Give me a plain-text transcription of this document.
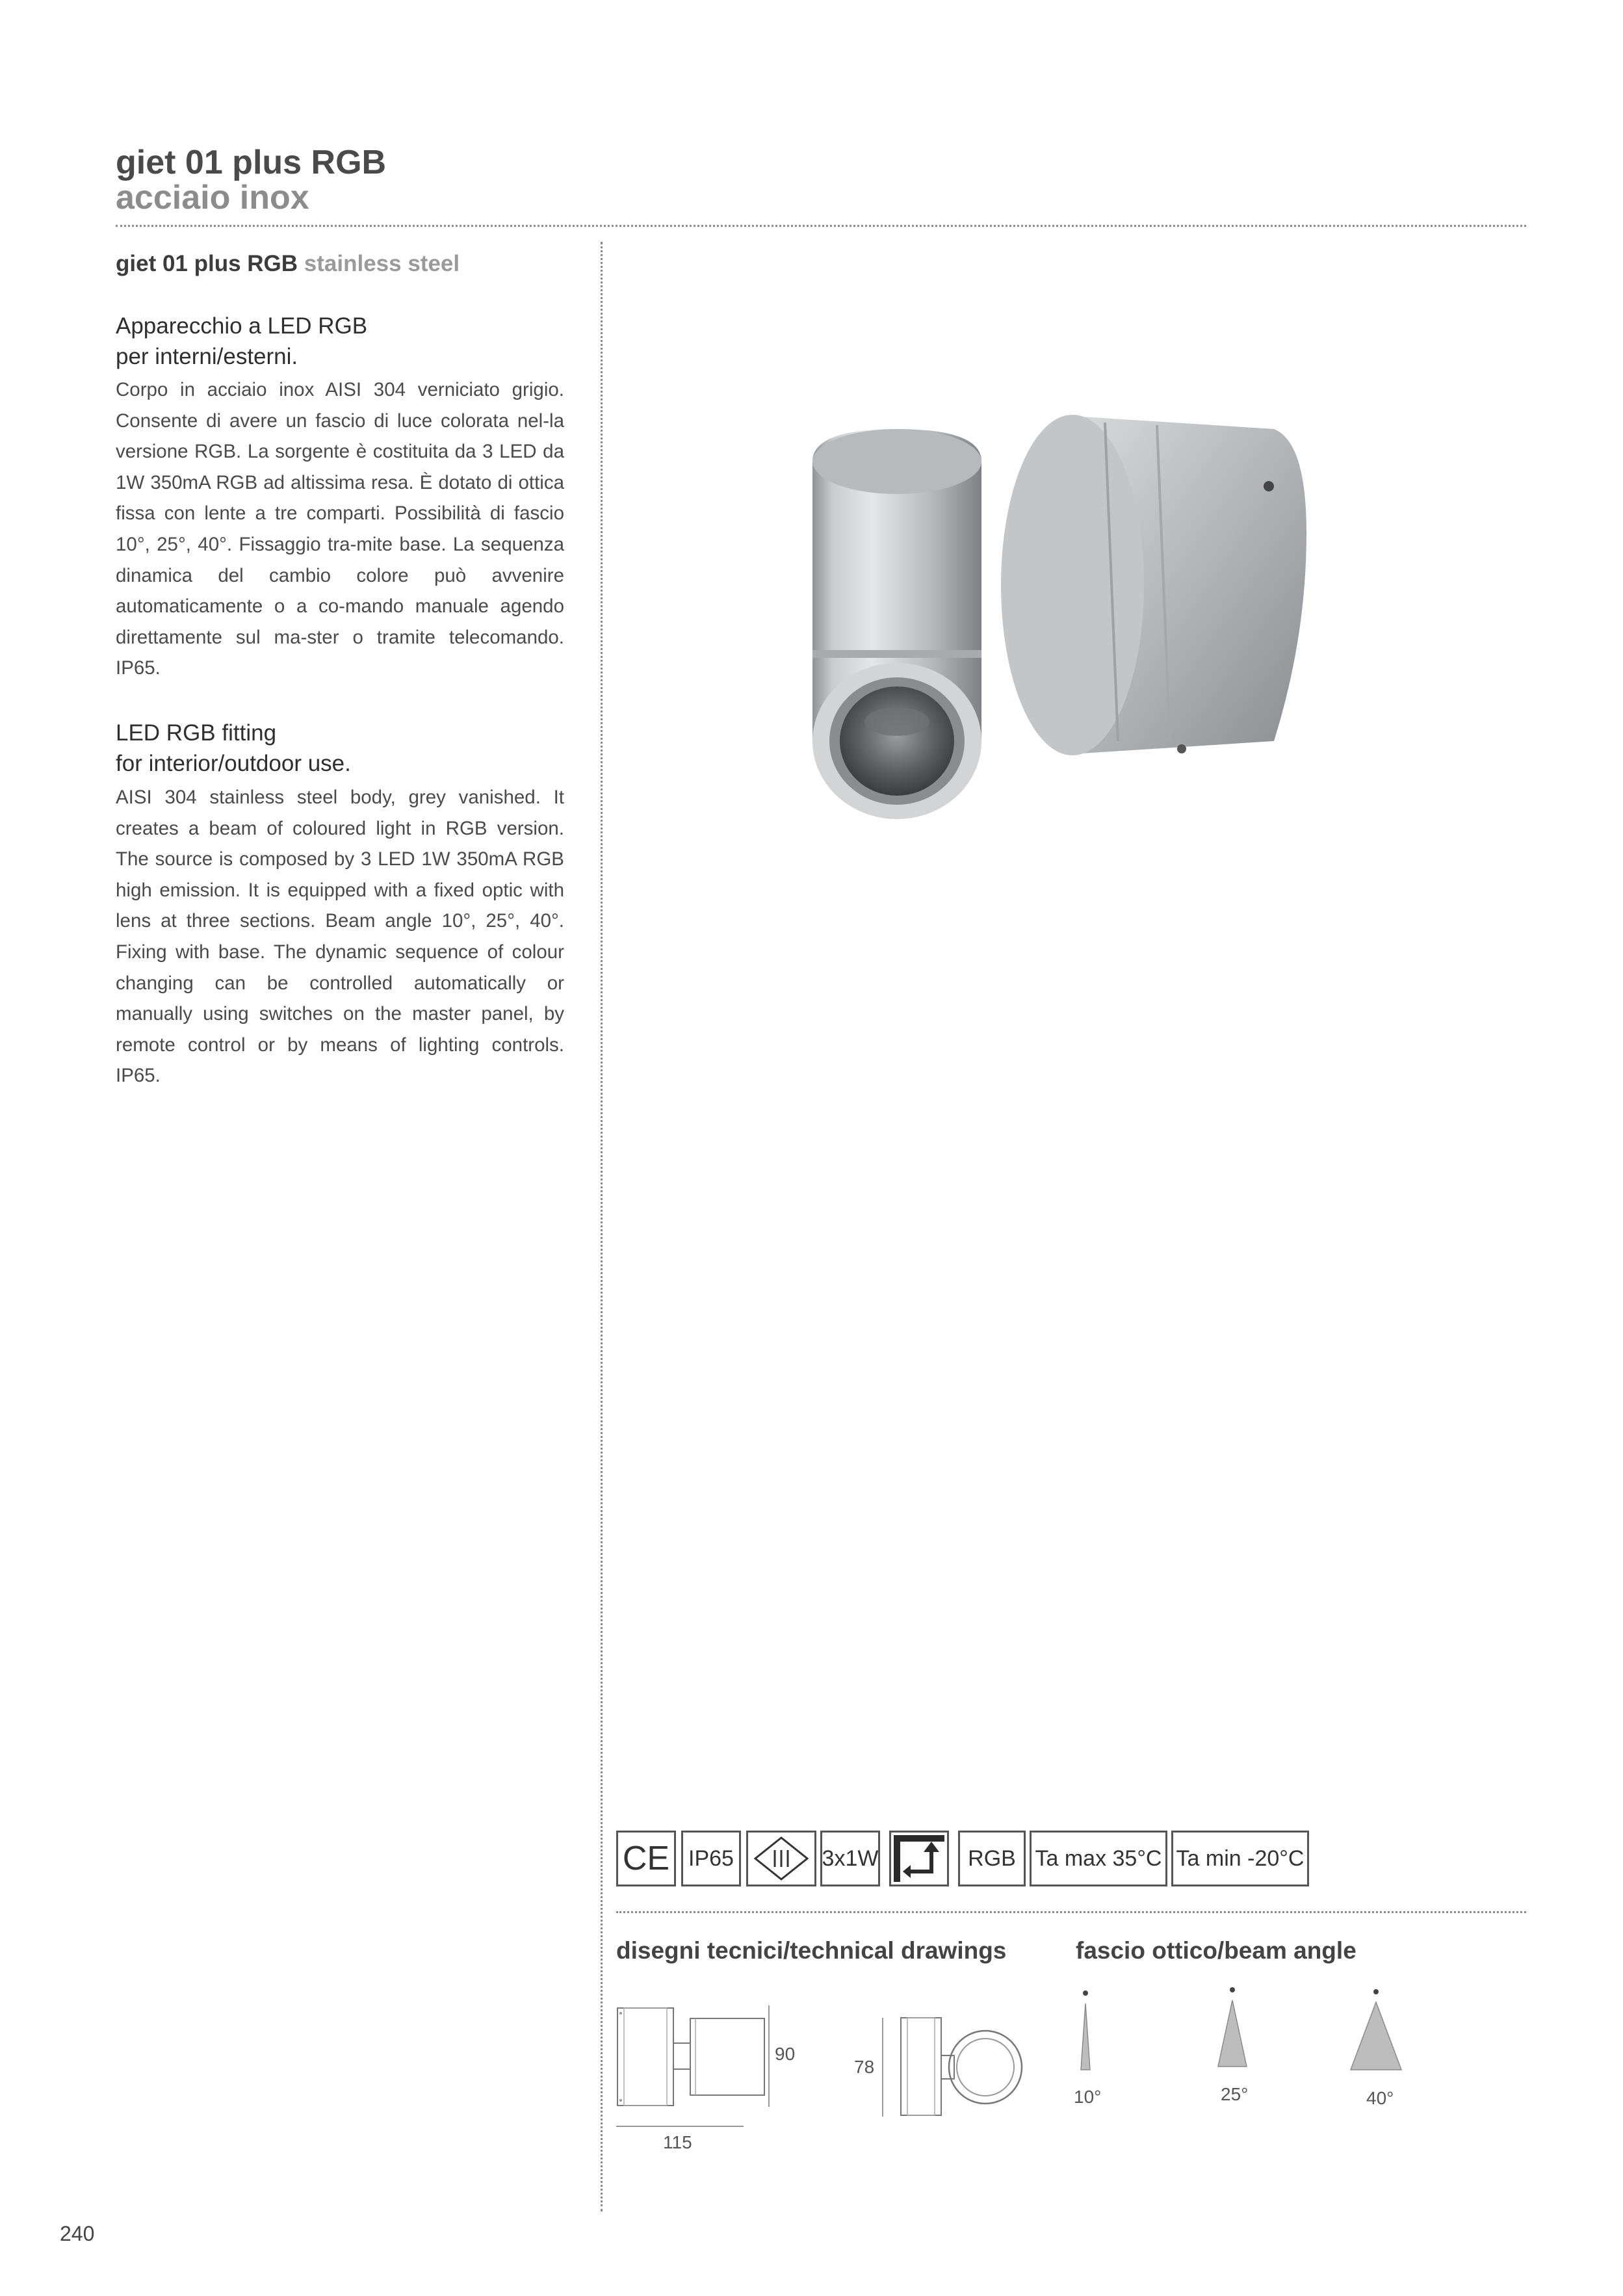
giet 01 plus RGB
acciaio inox
giet 01 plus RGB stainless steel
Apparecchio a LED RGB
per interni/esterni.
Corpo in acciaio inox AISI 304 verniciato grigio. Consente di avere un fascio di luce colorata nel-la versione RGB. La sorgente è costituita da 3 LED da 1W 350mA RGB ad altissima resa. È dotato di ottica fissa con lente a tre comparti. Possibilità di fascio 10°, 25°, 40°. Fissaggio tra-mite base. La sequenza dinamica del cambio colore può avvenire automaticamente o a co-mando manuale agendo direttamente sul ma-ster o tramite telecomando. IP65.
LED RGB fitting
for interior/outdoor use.
AISI 304 stainless steel body, grey vanished. It creates a beam of coloured light in RGB version. The source is composed by 3 LED 1W 350mA RGB high emission. It is equipped with a fixed optic with lens at three sections. Beam angle 10°, 25°, 40°. Fixing with base. The dynamic sequence of colour changing can be controlled automatically or manually using switches on the master panel, by remote control or by means of lighting controls. IP65.
CE IP65	3x1W	RGB Ta max 35°C Ta min -20°C
disegni tecnici/technical drawings	fascio ottico/beam angle
90
115
78
10°	25°	40°
240
